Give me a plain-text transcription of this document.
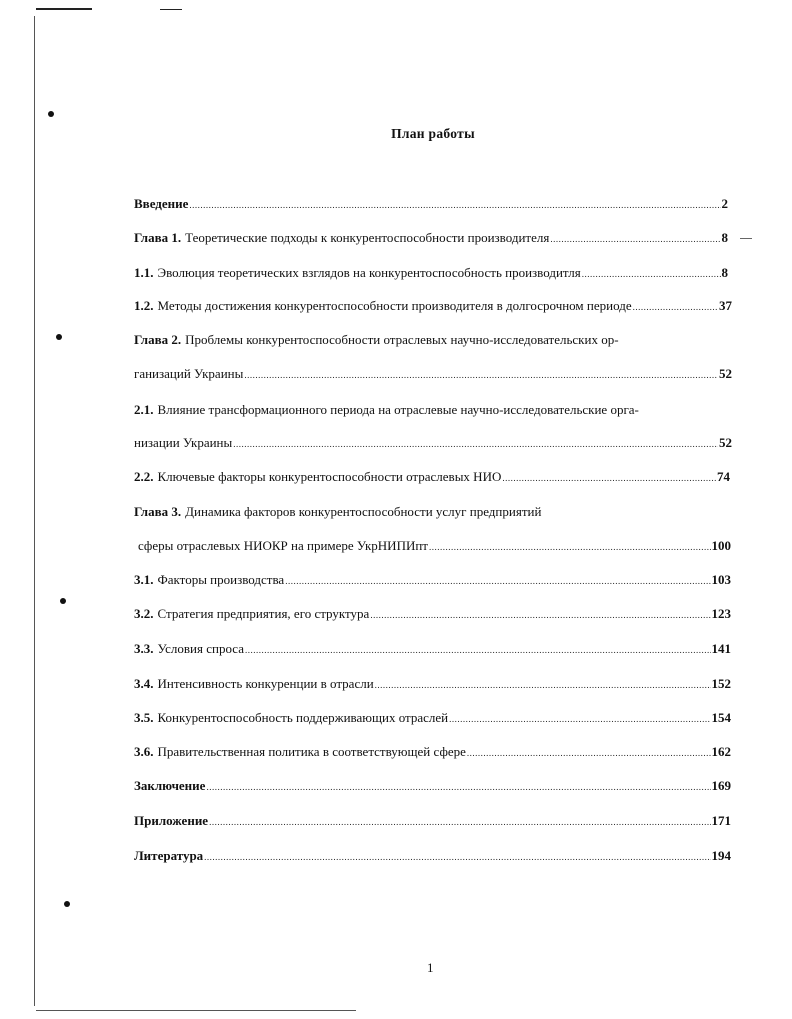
План работы
Введение .....	2
Глава 1. Теоретические подходы к конкурентоспособности производителя .....	8
1.1. Эволюция теоретических взглядов на конкурентоспособность производитля .....	8
1.2. Методы достижения конкурентоспособности производителя в долгосрочном периоде .....	37
Глава 2. Проблемы конкурентоспособности отраслевых научно-исследовательских ор-
ганизаций Украины .....	52
2.1. Влияние трансформационного периода на отраслевые научно-исследовательские орга-
низации Украины .....	52
2.2. Ключевые факторы конкурентоспособности отраслевых НИО .....	74
Глава 3. Динамика факторов конкурентоспособности услуг предприятий
сферы отраслевых НИОКР на примере УкрНИПИпт .....	100
3.1. Факторы производства .....	103
3.2. Стратегия предприятия, его структура .....	123
3.3. Условия спроса .....	141
3.4. Интенсивность конкуренции в отрасли .....	152
3.5. Конкурентоспособность поддерживающих отраслей .....	154
3.6. Правительственная политика в соответствующей сфере .....	162
Заключение .....	169
Приложение .....	171
Литература .....	194
1
